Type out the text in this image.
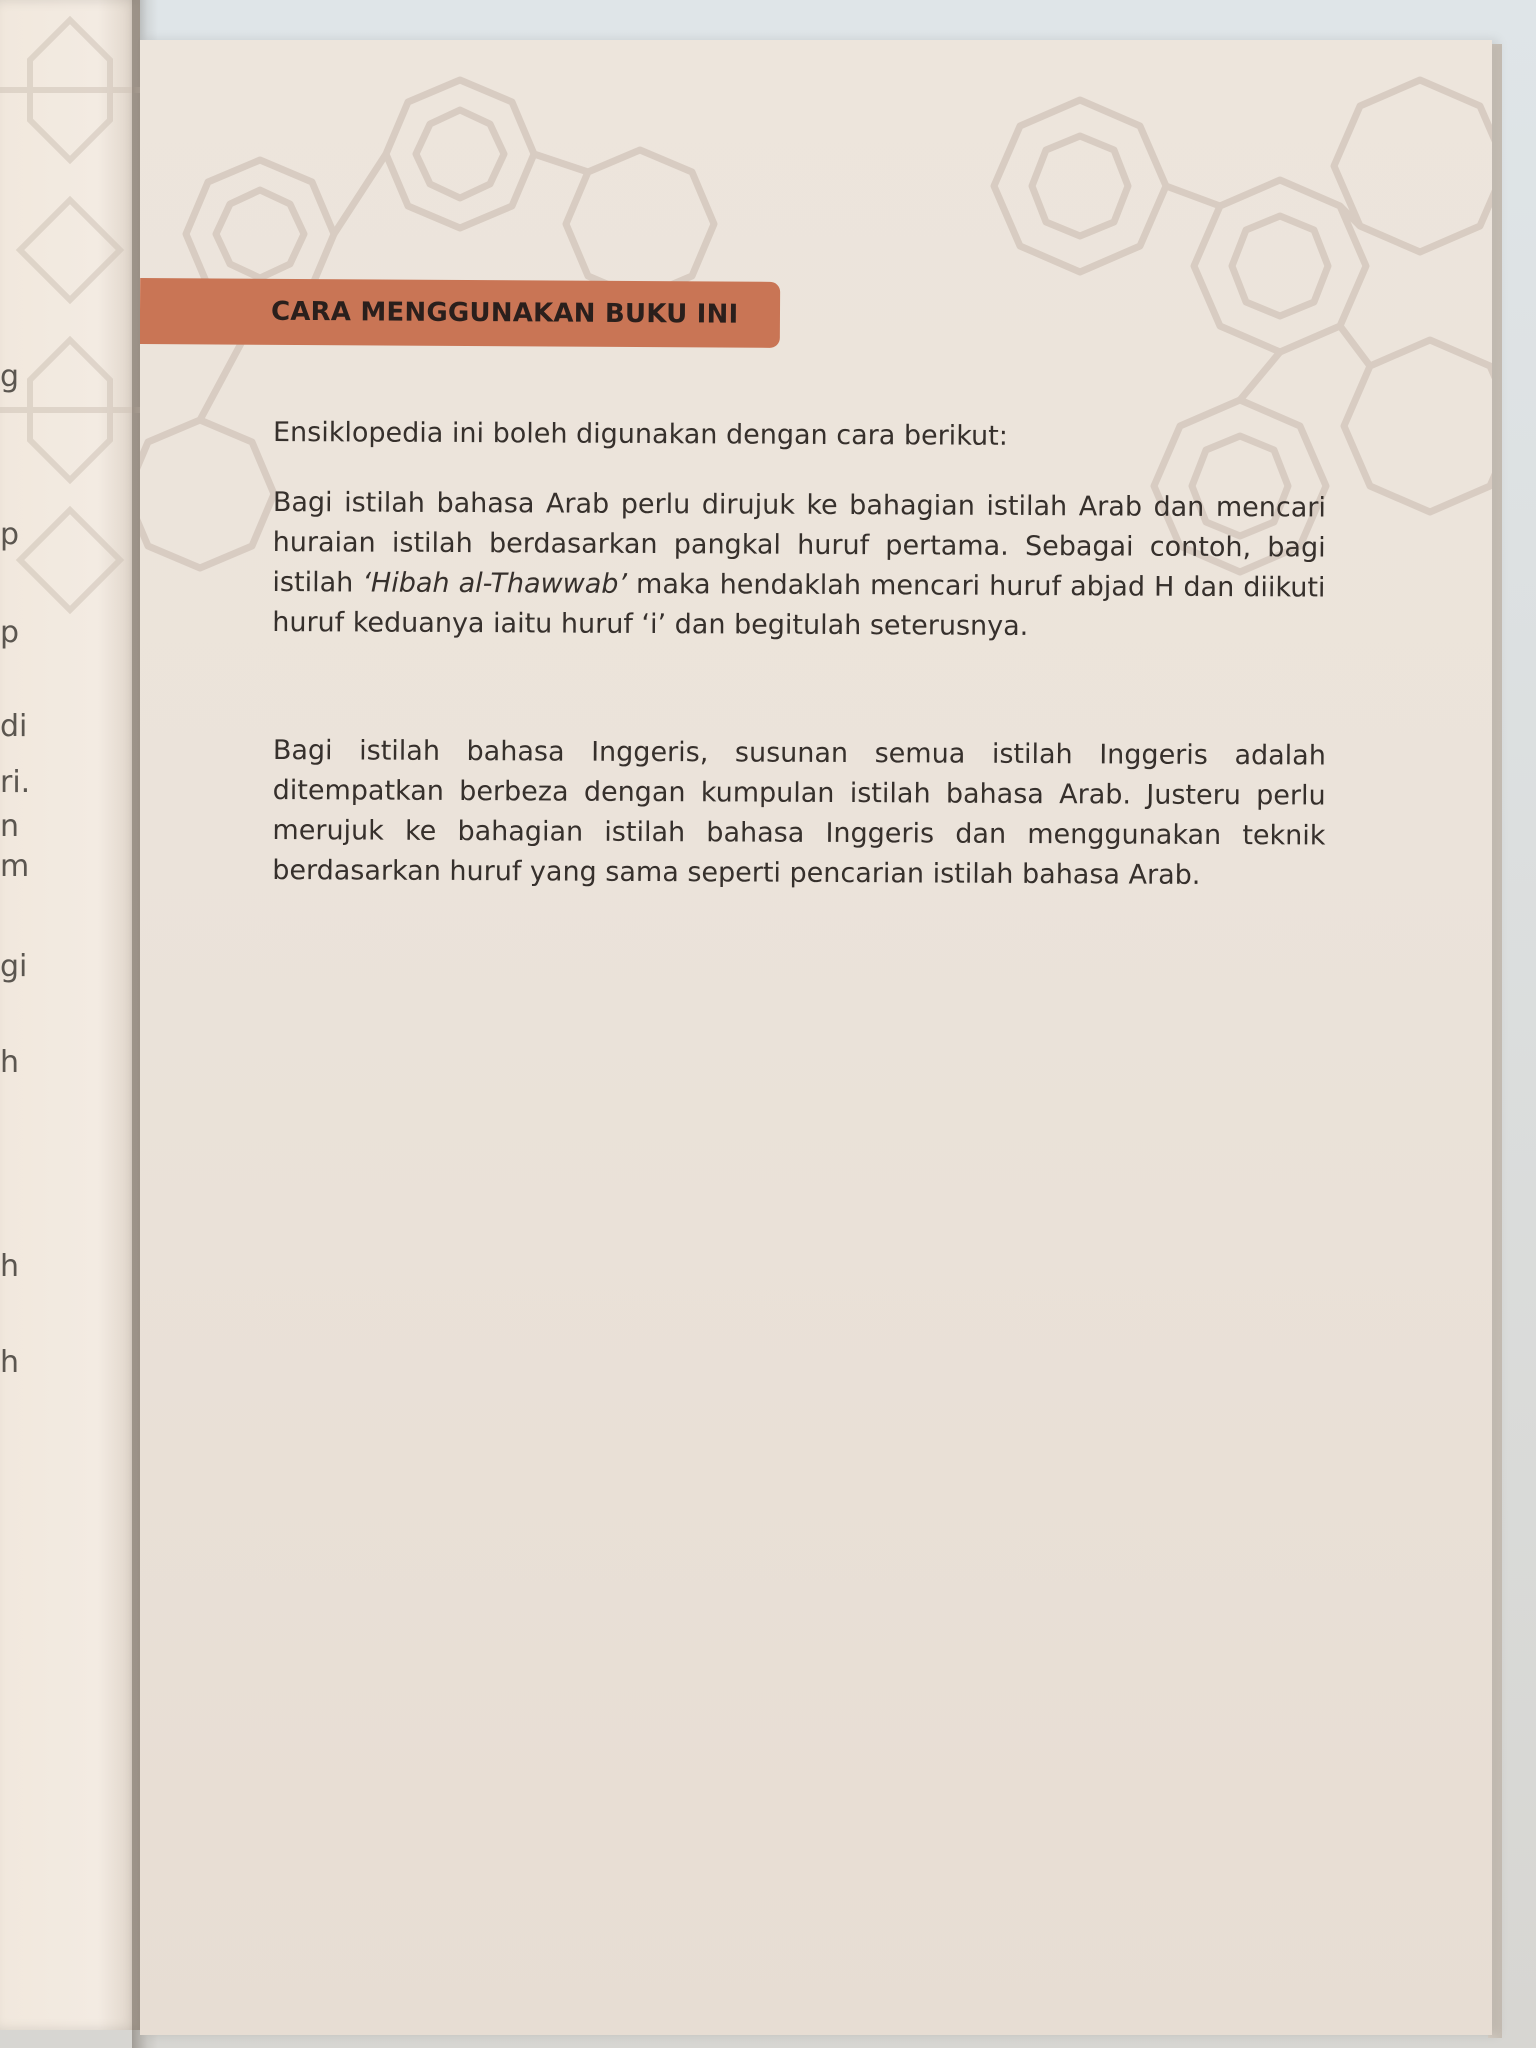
g
p
p
di
ri.
n
m
gi
h
h
h
CARA MENGGUNAKAN BUKU INI
Ensiklopedia ini boleh digunakan dengan cara berikut:

Bagi istilah bahasa Arab perlu dirujuk ke bahagian istilah Arab dan mencari huraian istilah berdasarkan pangkal huruf pertama. Sebagai contoh, bagi istilah ‘Hibah al-Thawwab’ maka hendaklah mencari huruf abjad H dan diikuti huruf keduanya iaitu huruf ‘i’ dan begitulah seterusnya.

Bagi istilah bahasa Inggeris, susunan semua istilah Inggeris adalah ditempatkan berbeza dengan kumpulan istilah bahasa Arab. Justeru perlu merujuk ke bahagian istilah bahasa Inggeris dan menggunakan teknik berdasarkan huruf yang sama seperti pencarian istilah bahasa Arab.
